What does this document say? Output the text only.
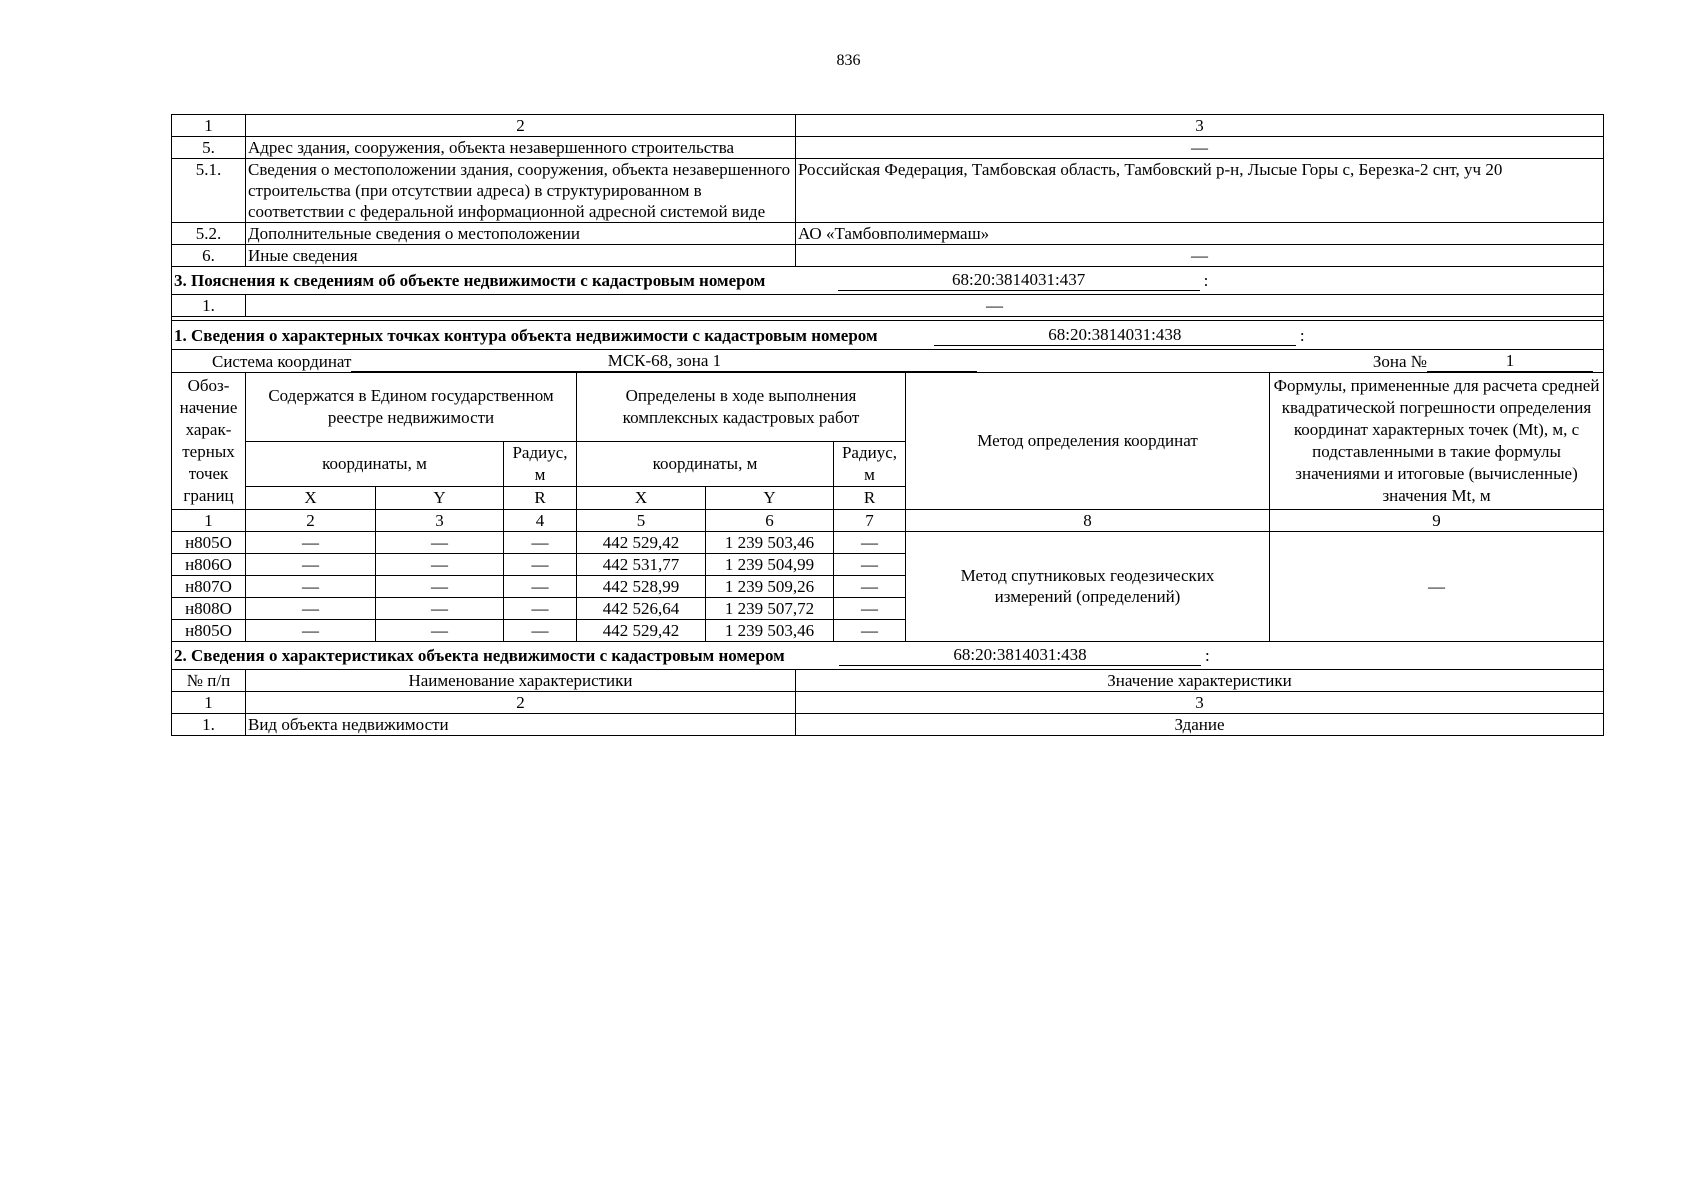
836
1	2	3
5.	Адрес здания, сооружения, объекта незавершенного строительства	—
5.1.	Сведения о местоположении здания, сооружения, объекта незавершенного строительства (при отсутствии адреса) в структурированном в соответствии с федеральной информационной адресной системой виде	Российская Федерация, Тамбовская область, Тамбовский р-н, Лысые Горы с, Березка-2 снт, уч 20
5.2.	Дополнительные сведения о местоположении	АО «Тамбовполимермаш»
6.	Иные сведения	—
3. Пояснения к сведениям об объекте недвижимости с кадастровым номером 68:20:3814031:437 :		
1.	—	

1. Сведения о характерных точках контура объекта недвижимости с кадастровым номером 68:20:3814031:438 :								

Система координат МСК-68, зона 1 Зона № 1								

Обоз-начение харак-терных точек границ	Содержатся в Едином государственном реестре недвижимости			Определены в ходе выполнения комплексных кадастровых работ			Метод определения координат	Формулы, примененные для расчета средней квадратической погрешности определения координат характерных точек (Mt), м, с подставленными в такие формулы значениями и итоговые (вычисленные) значения Mt, м
	координаты, м		Радиус, м	координаты, м		Радиус, м		
	X	Y	R	X	Y	R		
1	2	3	4	5	6	7	8	9
н805О	—	—	—	442 529,42	1 239 503,46	—	Метод спутниковых геодезических измерений (определений)	—
н806О	—	—	—	442 531,77	1 239 504,99	—		
н807О	—	—	—	442 528,99	1 239 509,26	—		
н808О	—	—	—	442 526,64	1 239 507,72	—		
н805О	—	—	—	442 529,42	1 239 503,46	—		
2. Сведения о характеристиках объекта недвижимости с кадастровым номером 68:20:3814031:438 :		
№ п/п	Наименование характеристики	Значение характеристики
1	2	3
1.	Вид объекта недвижимости	Здание
